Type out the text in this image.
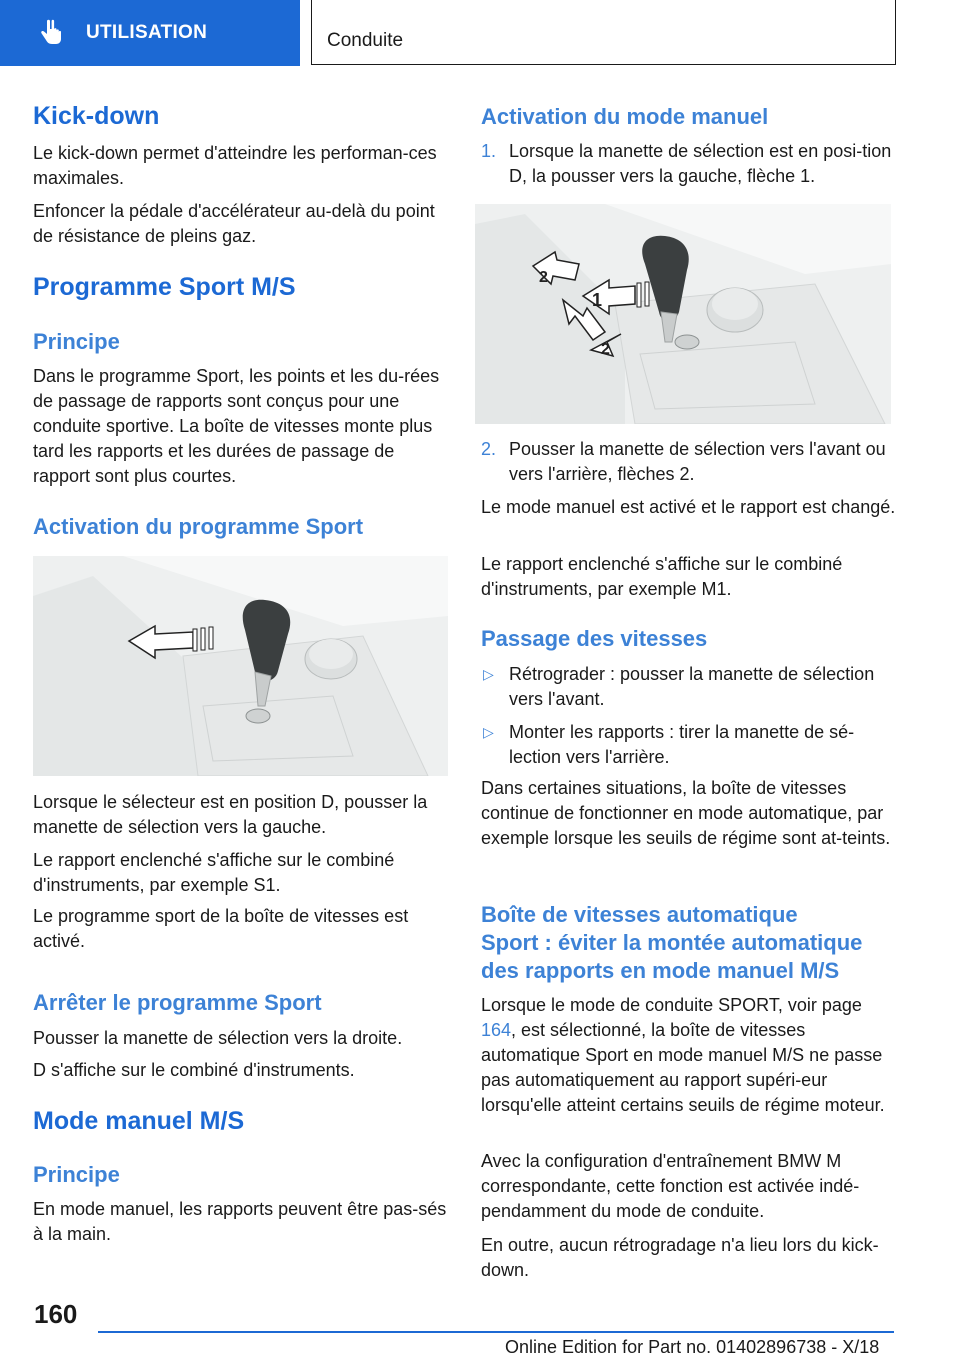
UTILISATION	Conduite
Kick-down
Le kick-down permet d'atteindre les performan-ces maximales.
Enfoncer la pédale d'accélérateur au-delà du point de résistance de pleins gaz.
Programme Sport M/S
Principe
Dans le programme Sport, les points et les du-rées de passage de rapports sont conçus pour une conduite sportive. La boîte de vitesses monte plus tard les rapports et les durées de passage de rapport sont plus courtes.
Activation du programme Sport
Lorsque le sélecteur est en position D, pousser la manette de sélection vers la gauche.
Le rapport enclenché s'affiche sur le combiné d'instruments, par exemple S1.
Le programme sport de la boîte de vitesses est activé.
Arrêter le programme Sport
Pousser la manette de sélection vers la droite.
D s'affiche sur le combiné d'instruments.
Mode manuel M/S
Principe
En mode manuel, les rapports peuvent être pas-sés à la main.
Activation du mode manuel
1. Lorsque la manette de sélection est en posi-tion D, la pousser vers la gauche, flèche 1.
1
2
2
2. Pousser la manette de sélection vers l'avant ou vers l'arrière, flèches 2.
Le mode manuel est activé et le rapport est changé.
Le rapport enclenché s'affiche sur le combiné d'instruments, par exemple M1.
Passage des vitesses
▷ Rétrograder : pousser la manette de sélection vers l'avant.
▷ Monter les rapports : tirer la manette de sé-lection vers l'arrière.
Dans certaines situations, la boîte de vitesses continue de fonctionner en mode automatique, par exemple lorsque les seuils de régime sont at-teints.
Boîte de vitesses automatique
Sport : éviter la montée automatique
des rapports en mode manuel M/S
Lorsque le mode de conduite SPORT, voir page 164, est sélectionné, la boîte de vitesses automatique Sport en mode manuel M/S ne passe pas automatiquement au rapport supéri-eur lorsqu'elle atteint certains seuils de régime moteur.
Avec la configuration d'entraînement BMW M correspondante, cette fonction est activée indé-pendamment du mode de conduite.
En outre, aucun rétrogradage n'a lieu lors du kick-down.
160
Online Edition for Part no. 01402896738 - X/18
